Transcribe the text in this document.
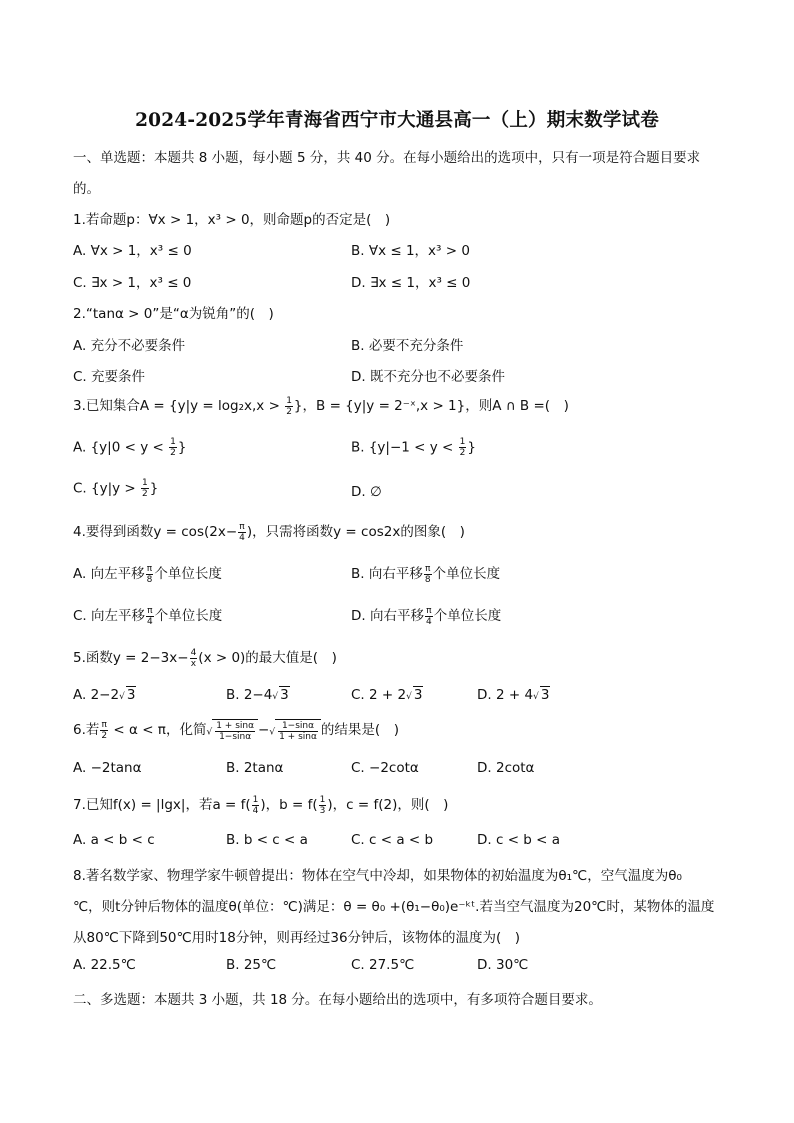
2024-2025学年青海省西宁市大通县高一（上）期末数学试卷
一、单选题：本题共 8 小题，每小题 5 分，共 40 分。在每小题给出的选项中，只有一项是符合题目要求
的。
1.若命题p：∀x > 1，x³ > 0，则命题p的否定是(　)
A. ∀x > 1，x³ ≤ 0	B. ∀x ≤ 1，x³ > 0
C. ∃x > 1，x³ ≤ 0	D. ∃x ≤ 1，x³ ≤ 0
2.“tanα > 0”是“α为锐角”的(　)
A. 充分不必要条件	B. 必要不充分条件
C. 充要条件	D. 既不充分也不必要条件
3.已知集合$A = \{y|y = \log_2x,x > \frac{1}{2}$ }，B = {y|y = 2⁻ˣ,x > 1}，则A ∩ B =(　)
A. {$y|0 < y < \frac{1}{2}$ }	B. {$y|-1 < y < \frac{1}{2}$ }
C. {$y|y > \frac{1}{2}$ }	D. ∅
4.要得到函数$y = \cos(2x- \frac{\pi}{4}$ )，只需将函数y = cos2x的图象(　)
A. 向左平移 $\frac{\pi}{8}$ 个单位长度	B. 向右平移 $\frac{\pi}{8}$ 个单位长度
C. 向左平移 $\frac{\pi}{4}$ 个单位长度	D. 向右平移 $\frac{\pi}{4}$ 个单位长度
5.函数$y = 2-3x- \frac{4}{x} (x > 0)$的最大值是(　)
A. 2−2√ 3	B. 2−4√ 3	C. 2 + 2√ 3	D. 2 + 4√ 3
6.若 $\frac{\pi}{2} < \alpha < \pi$，化简√ $\frac{1 + \sin\alpha}{1-\sin\alpha}$ −√ $\frac{1-\sin\alpha}{1 + \sin\alpha}$ 的结果是(　)
A. −2tanα	B. 2tanα	C. −2cotα	D. 2cotα
7.已知f(x) = |lgx|，若$a = f( \frac{1}{4}$ )，$b = f( \frac{1}{3}$ )，c = f(2)，则(　)
A. a < b < c	B. b < c < a	C. c < a < b	D. c < b < a
8.著名数学家、物理学家牛顿曾提出：物体在空气中冷却，如果物体的初始温度为θ₁℃，空气温度为θ₀
℃，则t分钟后物体的温度θ(单位：℃)满足：θ = θ₀ +(θ₁−θ₀)e⁻ᵏᵗ.若当空气温度为20℃时，某物体的温度
从80℃下降到50℃用时18分钟，则再经过36分钟后，该物体的温度为(　)
A. 22.5℃	B. 25℃	C. 27.5℃	D. 30℃
二、多选题：本题共 3 小题，共 18 分。在每小题给出的选项中，有多项符合题目要求。
